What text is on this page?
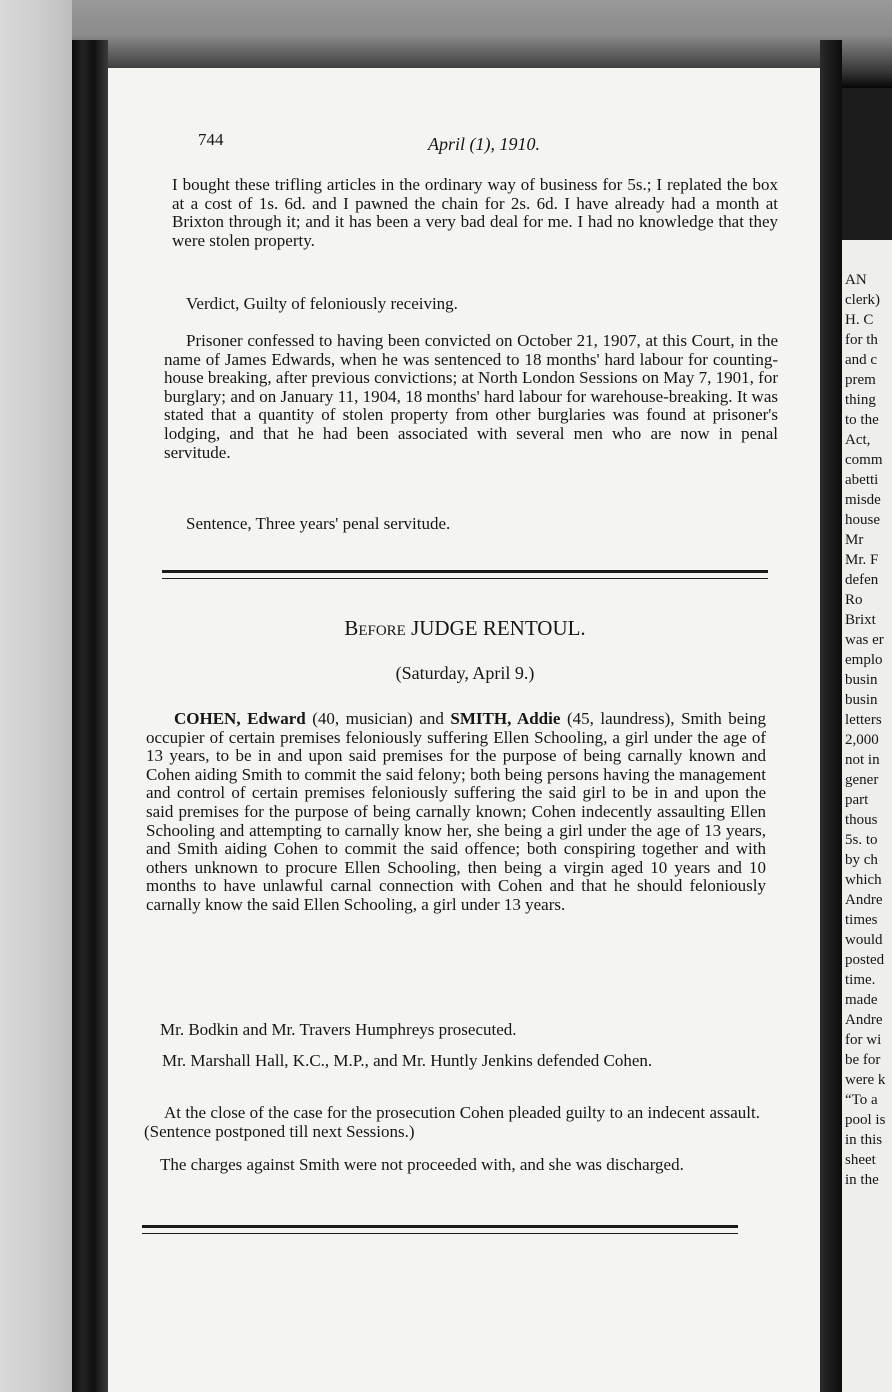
AN
clerk)
H. C
for th
and c
prem
thing
to the
Act,
comm
abetti
misde
house
Mr
Mr. F
defen
Ro
Brixt
was er
emplo
busin
busin
letters
2,000
not in
gener
part
thous
5s. to
by ch
which
Andre
times
would
posted
time.
made
Andre
for wi
be for
were k
“To a
pool is
in this
sheet
in the
744	April (1), 1910.

I bought these trifling articles in the ordinary way of business for 5s.; I replated the box at a cost of 1s. 6d. and I pawned the chain for 2s. 6d. I have already had a month at Brixton through it; and it has been a very bad deal for me. I had no knowledge that they were stolen property.

Verdict, Guilty of feloniously receiving.

Prisoner confessed to having been convicted on October 21, 1907, at this Court, in the name of James Edwards, when he was sentenced to 18 months' hard labour for counting-house breaking, after previous convictions; at North London Sessions on May 7, 1901, for burglary; and on January 11, 1904, 18 months' hard labour for warehouse-breaking. It was stated that a quantity of stolen property from other burglaries was found at prisoner's lodging, and that he had been associated with several men who are now in penal servitude.

Sentence, Three years' penal servitude.

Before JUDGE RENTOUL.
(Saturday, April 9.)

COHEN, Edward (40, musician) and SMITH, Addie (45, laundress), Smith being occupier of certain premises feloniously suffering Ellen Schooling, a girl under the age of 13 years, to be in and upon said premises for the purpose of being carnally known and Cohen aiding Smith to commit the said felony; both being persons having the management and control of certain premises feloniously suffering the said girl to be in and upon the said premises for the purpose of being carnally known; Cohen indecently assaulting Ellen Schooling and attempting to carnally know her, she being a girl under the age of 13 years, and Smith aiding Cohen to commit the said offence; both conspiring together and with others unknown to procure Ellen Schooling, then being a virgin aged 10 years and 10 months to have unlawful carnal connection with Cohen and that he should feloniously carnally know the said Ellen Schooling, a girl under 13 years.

Mr. Bodkin and Mr. Travers Humphreys prosecuted.

Mr. Marshall Hall, K.C., M.P., and Mr. Huntly Jenkins defended Cohen.

At the close of the case for the prosecution Cohen pleaded guilty to an indecent assault. (Sentence postponed till next Sessions.)

The charges against Smith were not proceeded with, and she was discharged.
